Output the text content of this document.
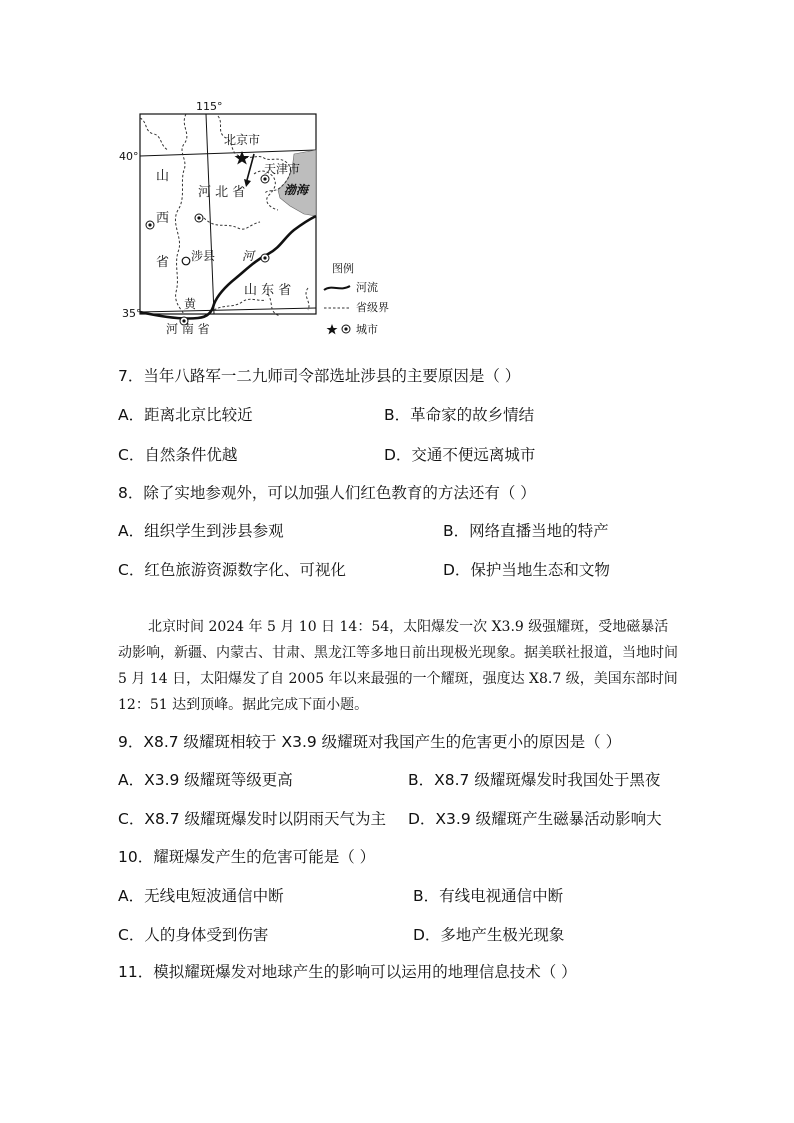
115°
40°
35°
北京市
天津市
渤海
山
西
省
河 北 省
涉县 河
黄
山 东 省
河 南 省
图例
河流
省级界
城市
7．当年八路军一二九师司令部选址涉县的主要原因是（ ）
A．距离北京比较近	B．革命家的故乡情结
C．自然条件优越	D．交通不便远离城市
8．除了实地参观外，可以加强人们红色教育的方法还有（ ）
A．组织学生到涉县参观	B．网络直播当地的特产
C．红色旅游资源数字化、可视化	D．保护当地生态和文物
北京时间 2024 年 5 月 10 日 14：54，太阳爆发一次 X3.9 级强耀斑，受地磁暴活动影响，新疆、内蒙古、甘肃、黑龙江等多地日前出现极光现象。据美联社报道，当地时间 5 月 14 日，太阳爆发了自 2005 年以来最强的一个耀斑，强度达 X8.7 级，美国东部时间 12：51 达到顶峰。据此完成下面小题。
9．X8.7 级耀斑相较于 X3.9 级耀斑对我国产生的危害更小的原因是（ ）
A．X3.9 级耀斑等级更高	B．X8.7 级耀斑爆发时我国处于黑夜
C．X8.7 级耀斑爆发时以阴雨天气为主 D．X3.9 级耀斑产生磁暴活动影响大
10．耀斑爆发产生的危害可能是（ ）
A．无线电短波通信中断	B．有线电视通信中断
C．人的身体受到伤害	D．多地产生极光现象
11．模拟耀斑爆发对地球产生的影响可以运用的地理信息技术（ ）
